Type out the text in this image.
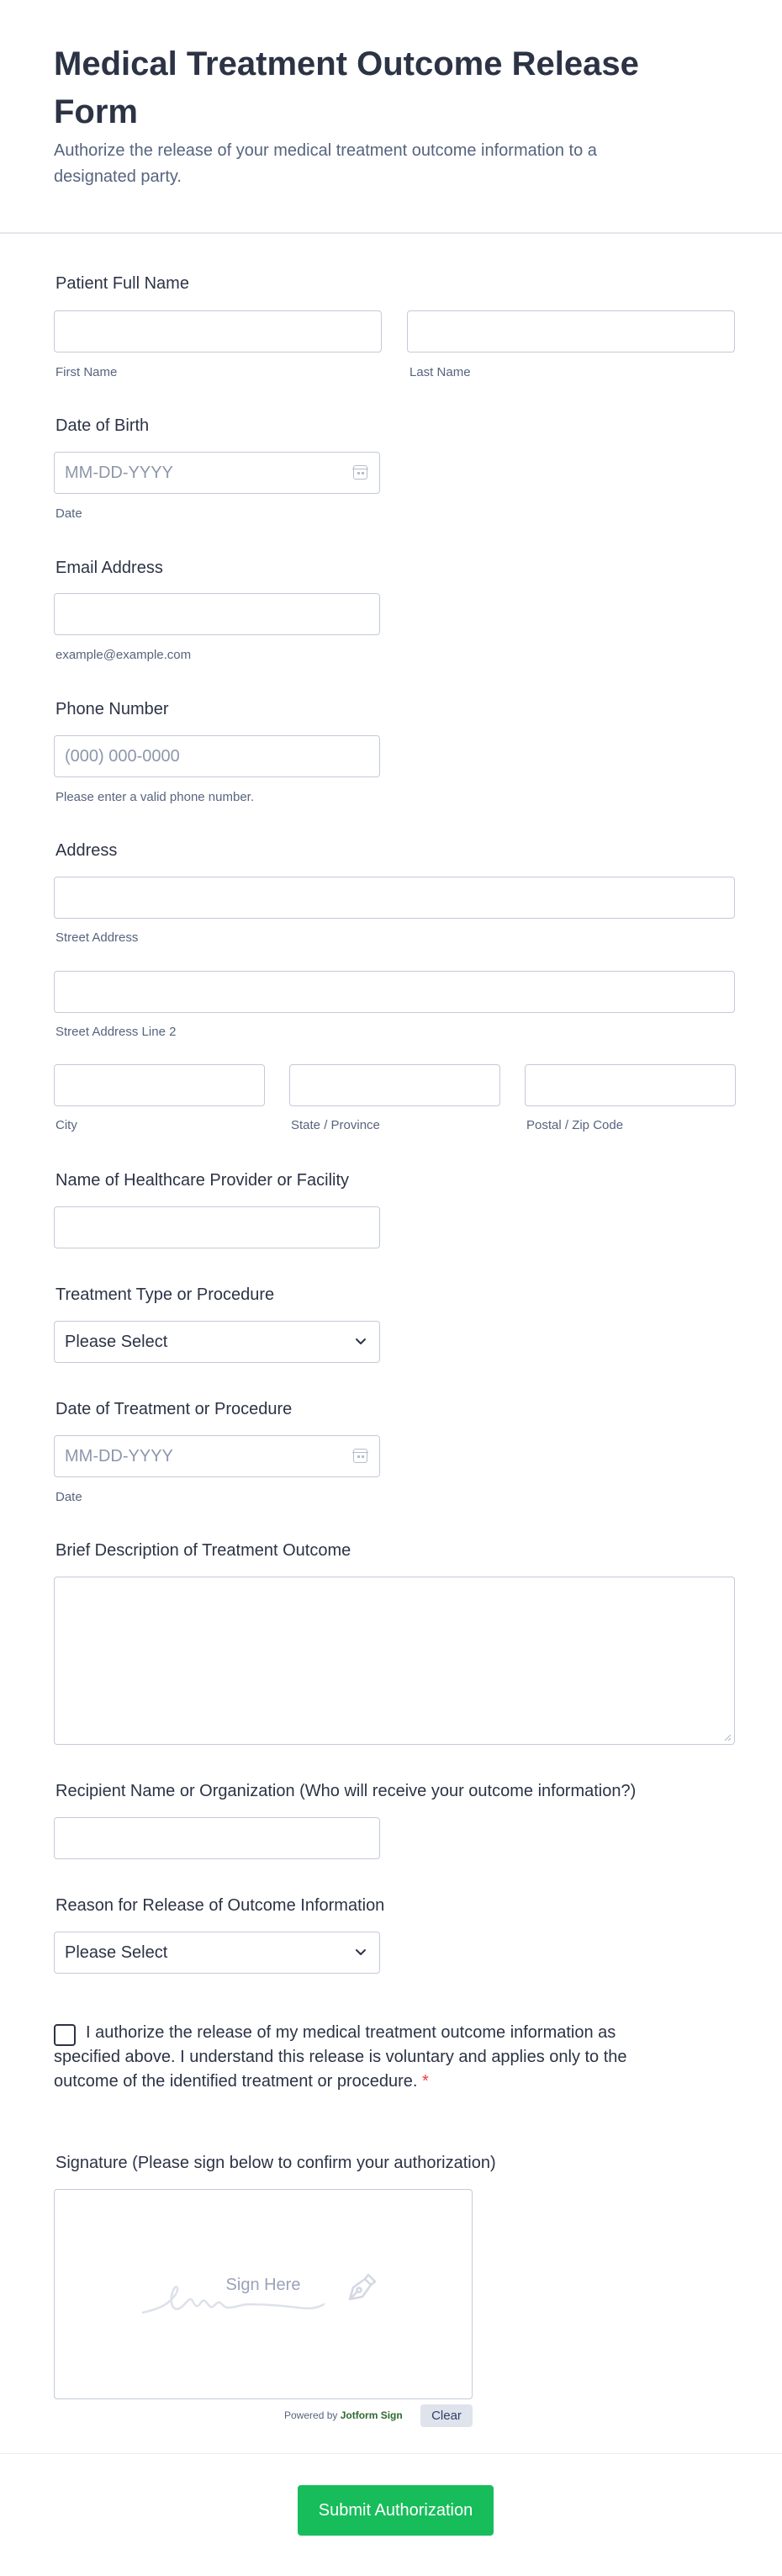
Medical Treatment Outcome Release Form

Authorize the release of your medical treatment outcome information to a designated party.

Patient Full Name
First Name	Last Name
Date of Birth
MM-DD-YYYY
Date
Email Address
example@example.com
Phone Number
(000) 000-0000
Please enter a valid phone number.
Address
Street Address
Street Address Line 2
City	State / Province	Postal / Zip Code
Name of Healthcare Provider or Facility
Treatment Type or Procedure
Please Select
Date of Treatment or Procedure
MM-DD-YYYY
Date
Brief Description of Treatment Outcome
Recipient Name or Organization (Who will receive your outcome information?)
Reason for Release of Outcome Information
Please Select

I authorize the release of my medical treatment outcome information as specified above. I understand this release is voluntary and applies only to the outcome of the identified treatment or procedure. *

Signature (Please sign below to confirm your authorization)
Sign Here
Powered by Jotform Sign	Clear
Submit Authorization
